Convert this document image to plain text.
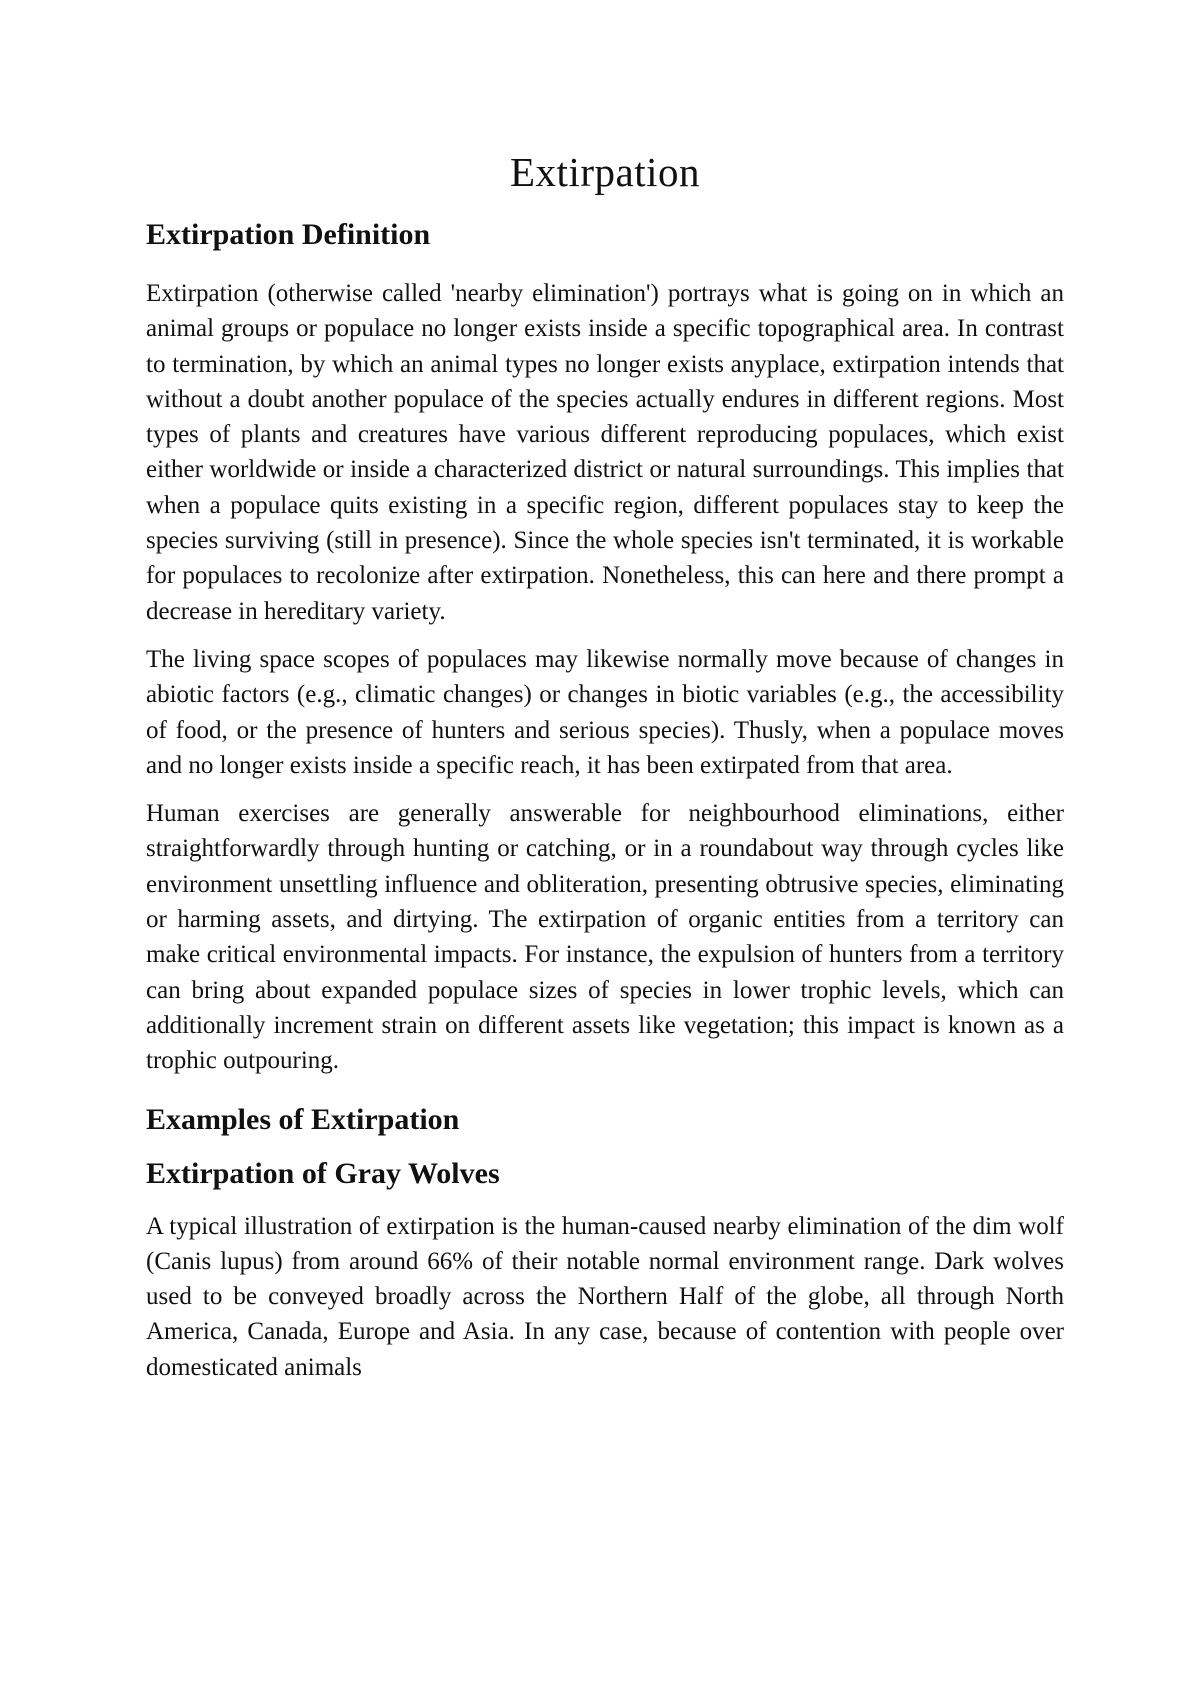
Extirpation
Extirpation Definition

Extirpation (otherwise called 'nearby elimination') portrays what is going on in which an animal groups or populace no longer exists inside a specific topographical area. In contrast to termination, by which an animal types no longer exists anyplace, extirpation intends that without a doubt another populace of the species actually endures in different regions. Most types of plants and creatures have various different reproducing populaces, which exist either worldwide or inside a characterized district or natural surroundings. This implies that when a populace quits existing in a specific region, different populaces stay to keep the species surviving (still in presence). Since the whole species isn't terminated, it is workable for populaces to recolonize after extirpation. Nonetheless, this can here and there prompt a decrease in hereditary variety.

The living space scopes of populaces may likewise normally move because of changes in abiotic factors (e.g., climatic changes) or changes in biotic variables (e.g., the accessibility of food, or the presence of hunters and serious species). Thusly, when a populace moves and no longer exists inside a specific reach, it has been extirpated from that area.

Human exercises are generally answerable for neighbourhood eliminations, either straightforwardly through hunting or catching, or in a roundabout way through cycles like environment unsettling influence and obliteration, presenting obtrusive species, eliminating or harming assets, and dirtying. The extirpation of organic entities from a territory can make critical environmental impacts. For instance, the expulsion of hunters from a territory can bring about expanded populace sizes of species in lower trophic levels, which can additionally increment strain on different assets like vegetation; this impact is known as a trophic outpouring.

Examples of Extirpation
Extirpation of Gray Wolves

A typical illustration of extirpation is the human-caused nearby elimination of the dim wolf (Canis lupus) from around 66% of their notable normal environment range. Dark wolves used to be conveyed broadly across the Northern Half of the globe, all through North America, Canada, Europe and Asia. In any case, because of contention with people over domesticated animals
